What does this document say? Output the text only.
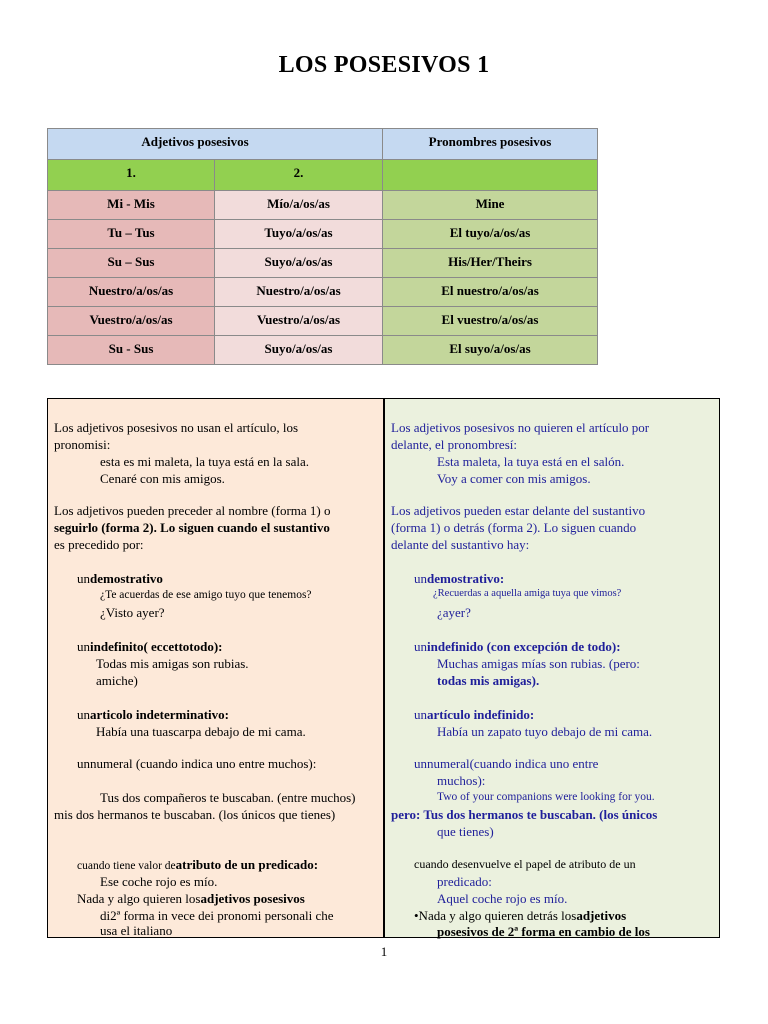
LOS POSESIVOS 1
Adjetivos posesivos		Pronombres posesivos
1.	2.	
Mi - Mis	Mío/a/os/as	Mine
Tu – Tus	Tuyo/a/os/as	El tuyo/a/os/as
Su – Sus	Suyo/a/os/as	His/Her/Theirs
Nuestro/a/os/as	Nuestro/a/os/as	El nuestro/a/os/as
Vuestro/a/os/as	Vuestro/a/os/as	El vuestro/a/os/as
Su - Sus	Suyo/a/os/as	El suyo/a/os/as
Los adjetivos posesivos no usan el artículo, los
pronomisi:
esta es mi maleta, la tuya está en la sala.
Cenaré con mis amigos.
Los adjetivos pueden preceder al nombre (forma 1) o
seguirlo (forma 2). Lo siguen cuando el sustantivo
es precedido por:
undemostrativo
¿Te acuerdas de ese amigo tuyo que tenemos?
¿Visto ayer?
unindefinito( eccettotodo):
Todas mis amigas son rubias.
amiche)
unarticolo indeterminativo:
Había una tuascarpa debajo de mi cama.
unnumeral (cuando indica uno entre muchos):
Tus dos compañeros te buscaban. (entre muchos)
mis dos hermanos te buscaban. (los únicos que tienes)
cuando tiene valor deatributo de un predicado:
Ese coche rojo es mío.
Nada y algo quieren losadjetivos posesivos
di2ª forma in vece dei pronomi personali che
usa el italiano
Los adjetivos posesivos no quieren el artículo por
delante, el pronombresí:
Esta maleta, la tuya está en el salón.
Voy a comer con mis amigos.
Los adjetivos pueden estar delante del sustantivo
(forma 1) o detrás (forma 2). Lo siguen cuando
delante del sustantivo hay:
undemostrativo:
¿Recuerdas a aquella amiga tuya que vimos?
¿ayer?
unindefinido (con excepción de todo):
Muchas amigas mías son rubias. (pero:
todas mis amigas).
unartículo indefinido:
Había un zapato tuyo debajo de mi cama.
unnumeral(cuando indica uno entre
muchos):
Two of your companions were looking for you.
pero: Tus dos hermanos te buscaban. (los únicos
que tienes)
cuando desenvuelve el papel de atributo de un
predicado:
Aquel coche rojo es mío.
•Nada y algo quieren detrás losadjetivos
posesivos de 2ª forma en cambio de los
1
